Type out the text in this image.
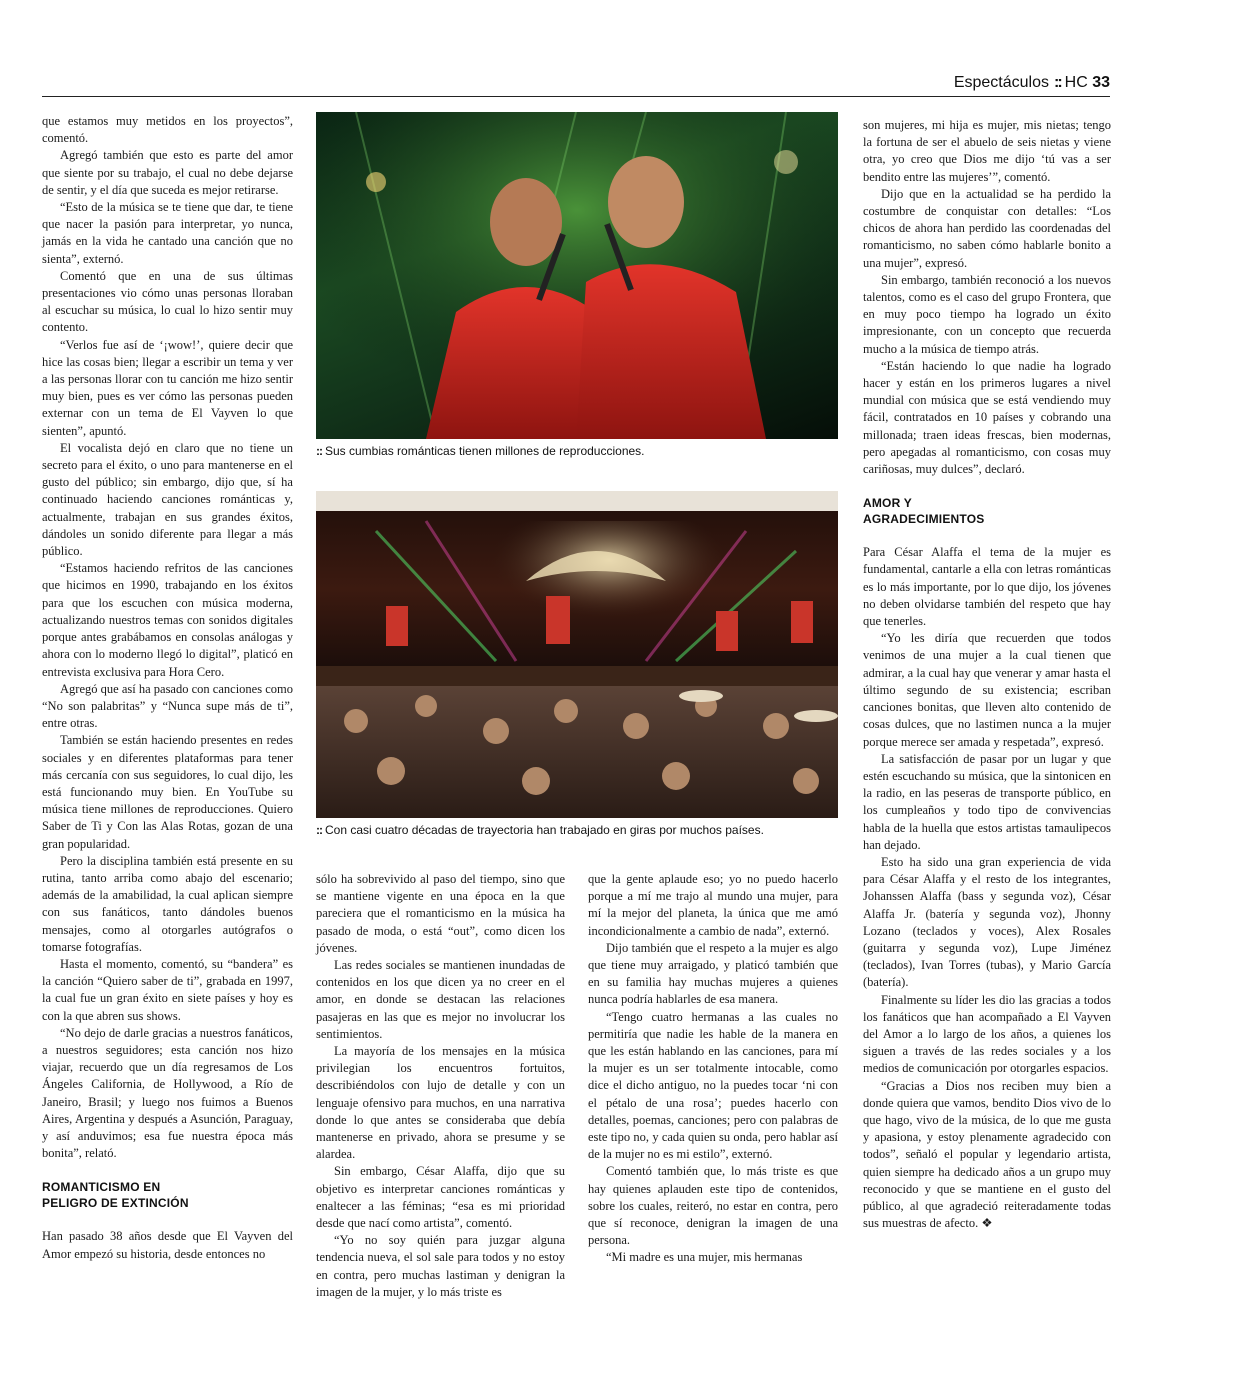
Espectáculos :: HC 33

que estamos muy metidos en los proyectos”, comentó.

Agregó también que esto es parte del amor que siente por su trabajo, el cual no debe dejarse de sentir, y el día que suceda es mejor retirarse.

“Esto de la música se te tiene que dar, te tiene que nacer la pasión para interpretar, yo nunca, jamás en la vida he cantado una canción que no sienta”, externó.

Comentó que en una de sus últimas presentaciones vio cómo unas personas lloraban al escuchar su música, lo cual lo hizo sentir muy contento.

“Verlos fue así de ‘¡wow!’, quiere decir que hice las cosas bien; llegar a escribir un tema y ver a las personas llorar con tu canción me hizo sentir muy bien, pues es ver cómo las personas pueden externar con un tema de El Vayven lo que sienten”, apuntó.

El vocalista dejó en claro que no tiene un secreto para el éxito, o uno para mantenerse en el gusto del público; sin embargo, dijo que, sí ha continuado haciendo canciones románticas y, actualmente, trabajan en sus grandes éxitos, dándoles un sonido diferente para llegar a más público.

“Estamos haciendo refritos de las canciones que hicimos en 1990, trabajando en los éxitos para que los escuchen con música moderna, actualizando nuestros temas con sonidos digitales porque antes grabábamos en consolas análogas y ahora con lo moderno llegó lo digital”, platicó en entrevista exclusiva para Hora Cero.

Agregó que así ha pasado con canciones como “No son palabritas” y “Nunca supe más de ti”, entre otras.

También se están haciendo presentes en redes sociales y en diferentes plataformas para tener más cercanía con sus seguidores, lo cual dijo, les está funcionando muy bien. En YouTube su música tiene millones de reproducciones. Quiero Saber de Ti y Con las Alas Rotas, gozan de una gran popularidad.

Pero la disciplina también está presente en su rutina, tanto arriba como abajo del escenario; además de la amabilidad, la cual aplican siempre con sus fanáticos, tanto dándoles buenos mensajes, como al otorgarles autógrafos o tomarse fotografías.

Hasta el momento, comentó, su “bandera” es la canción “Quiero saber de ti”, grabada en 1997, la cual fue un gran éxito en siete países y hoy es con la que abren sus shows.

“No dejo de darle gracias a nuestros fanáticos, a nuestros seguidores; esta canción nos hizo viajar, recuerdo que un día regresamos de Los Ángeles California, de Hollywood, a Río de Janeiro, Brasil; y luego nos fuimos a Buenos Aires, Argentina y después a Asunción, Paraguay, y así anduvimos; esa fue nuestra época más bonita”, relató.

ROMANTICISMO EN
PELIGRO DE EXTINCIÓN

Han pasado 38 años desde que El Vayven del Amor empezó su historia, desde entonces no

:: Sus cumbias románticas tienen millones de reproducciones.
:: Con casi cuatro décadas de trayectoria han trabajado en giras por muchos países.

sólo ha sobrevivido al paso del tiempo, sino que se mantiene vigente en una época en la que pareciera que el romanticismo en la música ha pasado de moda, o está “out”, como dicen los jóvenes.

Las redes sociales se mantienen inundadas de contenidos en los que dicen ya no creer en el amor, en donde se destacan las relaciones pasajeras en las que es mejor no involucrar los sentimientos.

La mayoría de los mensajes en la música privilegian los encuentros fortuitos, describiéndolos con lujo de detalle y con un lenguaje ofensivo para muchos, en una narrativa donde lo que antes se consideraba que debía mantenerse en privado, ahora se presume y se alardea.

Sin embargo, César Alaffa, dijo que su objetivo es interpretar canciones románticas y enaltecer a las féminas; “esa es mi prioridad desde que nací como artista”, comentó.

“Yo no soy quién para juzgar alguna tendencia nueva, el sol sale para todos y no estoy en contra, pero muchas lastiman y denigran la imagen de la mujer, y lo más triste es

que la gente aplaude eso; yo no puedo hacerlo porque a mí me trajo al mundo una mujer, para mí la mejor del planeta, la única que me amó incondicionalmente a cambio de nada”, externó.

Dijo también que el respeto a la mujer es algo que tiene muy arraigado, y platicó también que en su familia hay muchas mujeres a quienes nunca podría hablarles de esa manera.

“Tengo cuatro hermanas a las cuales no permitiría que nadie les hable de la manera en que les están hablando en las canciones, para mí la mujer es un ser totalmente intocable, como dice el dicho antiguo, no la puedes tocar ‘ni con el pétalo de una rosa’; puedes hacerlo con detalles, poemas, canciones; pero con palabras de este tipo no, y cada quien su onda, pero hablar así de la mujer no es mi estilo”, externó.

Comentó también que, lo más triste es que hay quienes aplauden este tipo de contenidos, sobre los cuales, reiteró, no estar en contra, pero que sí reconoce, denigran la imagen de una persona.

“Mi madre es una mujer, mis hermanas

son mujeres, mi hija es mujer, mis nietas; tengo la fortuna de ser el abuelo de seis nietas y viene otra, yo creo que Dios me dijo ‘tú vas a ser bendito entre las mujeres’”, comentó.

Dijo que en la actualidad se ha perdido la costumbre de conquistar con detalles: “Los chicos de ahora han perdido las coordenadas del romanticismo, no saben cómo hablarle bonito a una mujer”, expresó.

Sin embargo, también reconoció a los nuevos talentos, como es el caso del grupo Frontera, que en muy poco tiempo ha logrado un éxito impresionante, con un concepto que recuerda mucho a la música de tiempo atrás.

“Están haciendo lo que nadie ha logrado hacer y están en los primeros lugares a nivel mundial con música que se está vendiendo muy fácil, contratados en 10 países y cobrando una millonada; traen ideas frescas, bien modernas, pero apegadas al romanticismo, con cosas muy cariñosas, muy dulces”, declaró.

AMOR Y
AGRADECIMIENTOS

Para César Alaffa el tema de la mujer es fundamental, cantarle a ella con letras románticas es lo más importante, por lo que dijo, los jóvenes no deben olvidarse también del respeto que hay que tenerles.

“Yo les diría que recuerden que todos venimos de una mujer a la cual tienen que admirar, a la cual hay que venerar y amar hasta el último segundo de su existencia; escriban canciones bonitas, que lleven alto contenido de cosas dulces, que no lastimen nunca a la mujer porque merece ser amada y respetada”, expresó.

La satisfacción de pasar por un lugar y que estén escuchando su música, que la sintonicen en la radio, en las peseras de transporte público, en los cumpleaños y todo tipo de convivencias habla de la huella que estos artistas tamaulipecos han dejado.

Esto ha sido una gran experiencia de vida para César Alaffa y el resto de los integrantes, Johanssen Alaffa (bass y segunda voz), César Alaffa Jr. (batería y segunda voz), Jhonny Lozano (teclados y voces), Alex Rosales (guitarra y segunda voz), Lupe Jiménez (teclados), Ivan Torres (tubas), y Mario García (batería).

Finalmente su líder les dio las gracias a todos los fanáticos que han acompañado a El Vayven del Amor a lo largo de los años, a quienes los siguen a través de las redes sociales y a los medios de comunicación por otorgarles espacios.

“Gracias a Dios nos reciben muy bien a donde quiera que vamos, bendito Dios vivo de lo que hago, vivo de la música, de lo que me gusta y apasiona, y estoy plenamente agradecido con todos”, señaló el popular y legendario artista, quien siempre ha dedicado años a un grupo muy reconocido y que se mantiene en el gusto del público, al que agradeció reiteradamente todas sus muestras de afecto. ❖
